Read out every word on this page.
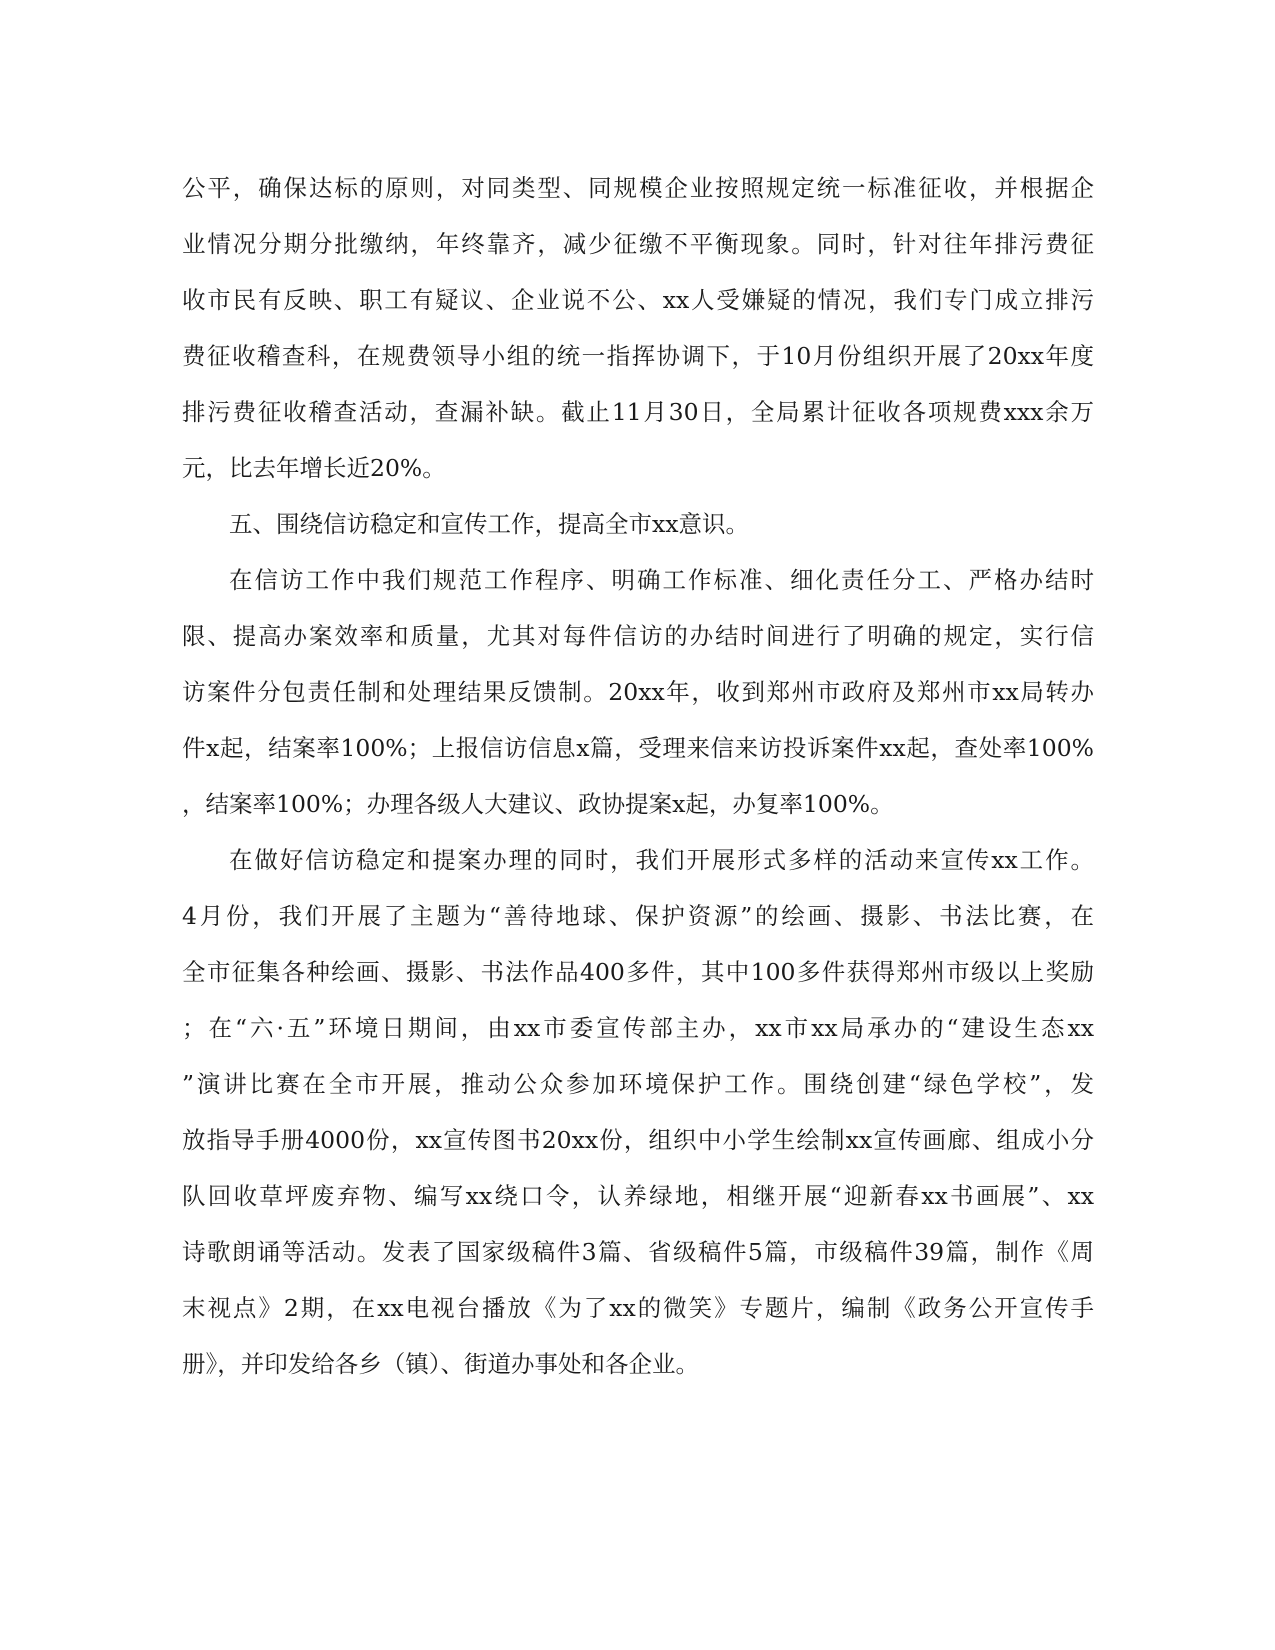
公平，确保达标的原则，对同类型、同规模企业按照规定统一标准征收，并根据企
业情况分期分批缴纳，年终靠齐，减少征缴不平衡现象。同时，针对往年排污费征
收市民有反映、职工有疑议、企业说不公、xx人受嫌疑的情况，我们专门成立排污
费征收稽查科，在规费领导小组的统一指挥协调下，于10月份组织开展了20xx年度
排污费征收稽查活动，查漏补缺。截止11月30日，全局累计征收各项规费xxx余万
元，比去年增长近20%。
五、围绕信访稳定和宣传工作，提高全市xx意识。
在信访工作中我们规范工作程序、明确工作标准、细化责任分工、严格办结时
限、提高办案效率和质量，尤其对每件信访的办结时间进行了明确的规定，实行信
访案件分包责任制和处理结果反馈制。20xx年，收到郑州市政府及郑州市xx局转办
件x起，结案率100%；上报信访信息x篇，受理来信来访投诉案件xx起，查处率100%
，结案率100%；办理各级人大建议、政协提案x起，办复率100%。
在做好信访稳定和提案办理的同时，我们开展形式多样的活动来宣传xx工作。
4月份，我们开展了主题为“善待地球、保护资源”的绘画、摄影、书法比赛，在
全市征集各种绘画、摄影、书法作品400多件，其中100多件获得郑州市级以上奖励
；在“六·五”环境日期间，由xx市委宣传部主办，xx市xx局承办的“建设生态xx
”演讲比赛在全市开展，推动公众参加环境保护工作。围绕创建“绿色学校”，发
放指导手册4000份，xx宣传图书20xx份，组织中小学生绘制xx宣传画廊、组成小分
队回收草坪废弃物、编写xx绕口令，认养绿地，相继开展“迎新春xx书画展”、xx
诗歌朗诵等活动。发表了国家级稿件3篇、省级稿件5篇，市级稿件39篇，制作《周
末视点》2期，在xx电视台播放《为了xx的微笑》专题片，编制《政务公开宣传手
册》，并印发给各乡（镇）、街道办事处和各企业。
